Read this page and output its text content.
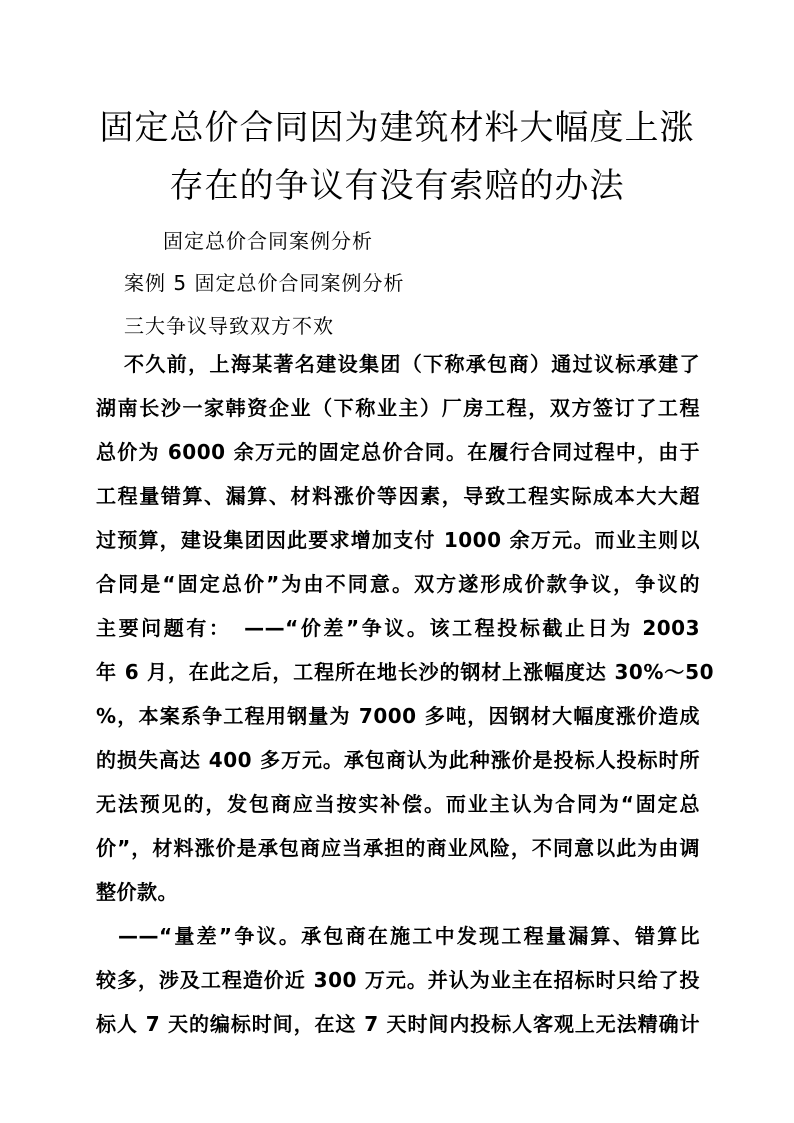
固定总价合同因为建筑材料大幅度上涨
存在的争议有没有索赔的办法
固定总价合同案例分析
案例 5 固定总价合同案例分析
三大争议导致双方不欢
不久前，上海某著名建设集团（下称承包商）通过议标承建了
湖南长沙一家韩资企业（下称业主）厂房工程，双方签订了工程
总价为 6000 余万元的固定总价合同。在履行合同过程中，由于
工程量错算、漏算、材料涨价等因素，导致工程实际成本大大超
过预算，建设集团因此要求增加支付 1000 余万元。而业主则以
合同是“固定总价”为由不同意。双方遂形成价款争议，争议的
主要问题有：　——“价差”争议。该工程投标截止日为 2003
年 6 月，在此之后，工程所在地长沙的钢材上涨幅度达 30%～50
%，本案系争工程用钢量为 7000 多吨，因钢材大幅度涨价造成
的损失高达 400 多万元。承包商认为此种涨价是投标人投标时所
无法预见的，发包商应当按实补偿。而业主认为合同为“固定总
价”，材料涨价是承包商应当承担的商业风险，不同意以此为由调
整价款。
——“量差”争议。承包商在施工中发现工程量漏算、错算比
较多，涉及工程造价近 300 万元。并认为业主在招标时只给了投
标人 7 天的编标时间，在这 7 天时间内投标人客观上无法精确计
